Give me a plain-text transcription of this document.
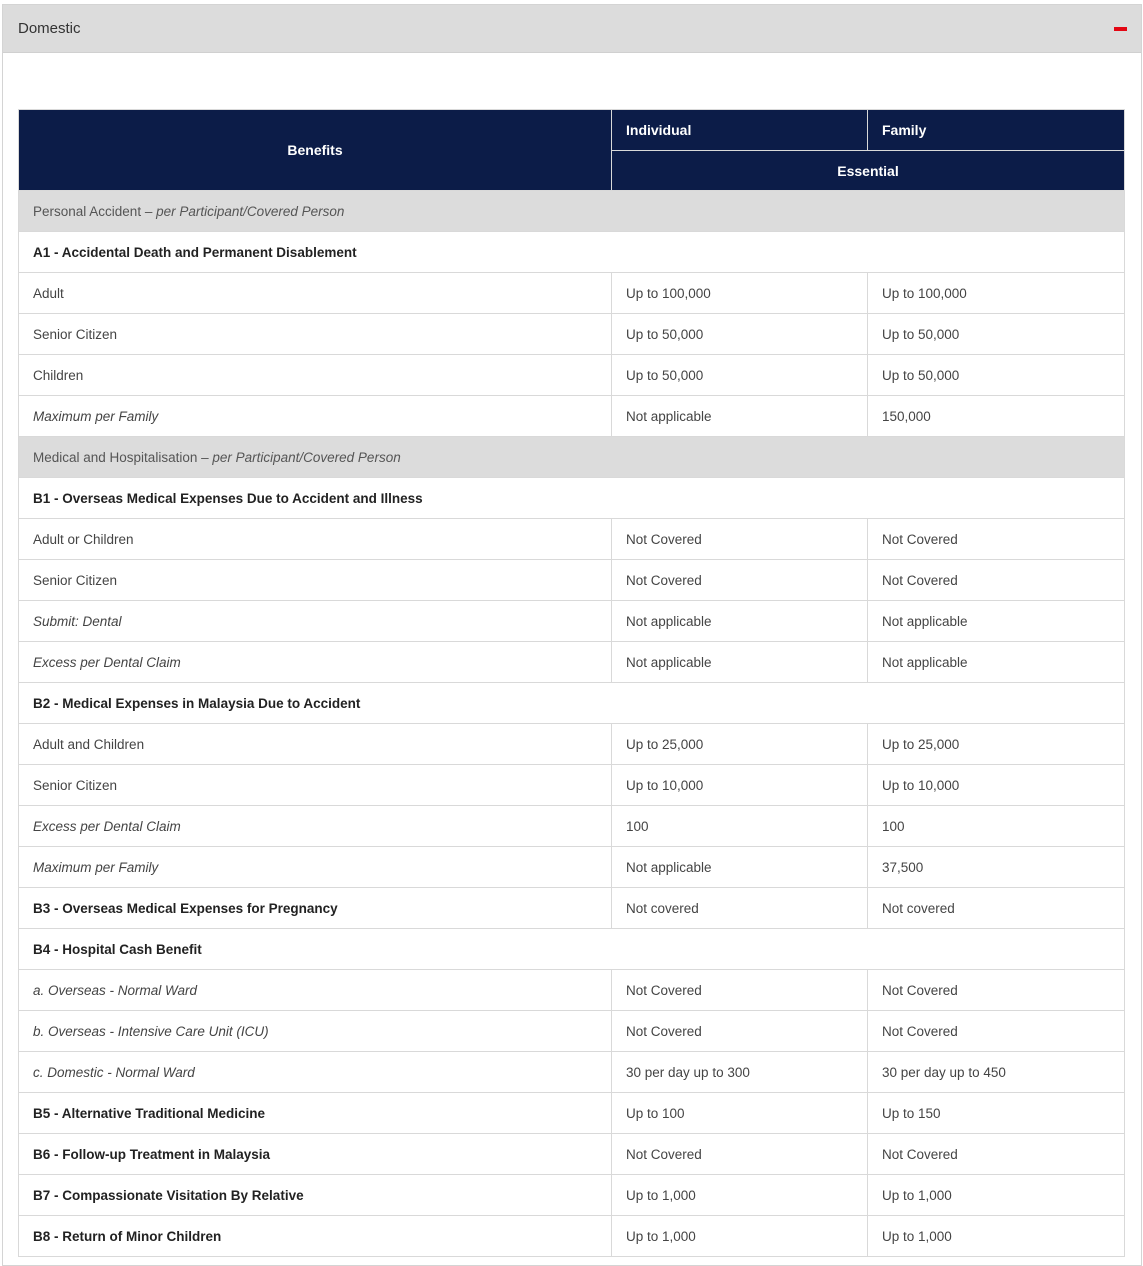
Domestic
Benefits	Individual	Family
	Essential	
Personal Accident – per Participant/Covered Person		
A1 - Accidental Death and Permanent Disablement		
Adult	Up to 100,000	Up to 100,000
Senior Citizen	Up to 50,000	Up to 50,000
Children	Up to 50,000	Up to 50,000
Maximum per Family	Not applicable	150,000
Medical and Hospitalisation – per Participant/Covered Person		
B1 - Overseas Medical Expenses Due to Accident and Illness		
Adult or Children	Not Covered	Not Covered
Senior Citizen	Not Covered	Not Covered
Submit: Dental	Not applicable	Not applicable
Excess per Dental Claim	Not applicable	Not applicable
B2 - Medical Expenses in Malaysia Due to Accident		
Adult and Children	Up to 25,000	Up to 25,000
Senior Citizen	Up to 10,000	Up to 10,000
Excess per Dental Claim	100	100
Maximum per Family	Not applicable	37,500
B3 - Overseas Medical Expenses for Pregnancy	Not covered	Not covered
B4 - Hospital Cash Benefit		
a. Overseas - Normal Ward	Not Covered	Not Covered
b. Overseas - Intensive Care Unit (ICU)	Not Covered	Not Covered
c. Domestic - Normal Ward	30 per day up to 300	30 per day up to 450
B5 - Alternative Traditional Medicine	Up to 100	Up to 150
B6 - Follow-up Treatment in Malaysia	Not Covered	Not Covered
B7 - Compassionate Visitation By Relative	Up to 1,000	Up to 1,000
B8 - Return of Minor Children	Up to 1,000	Up to 1,000
